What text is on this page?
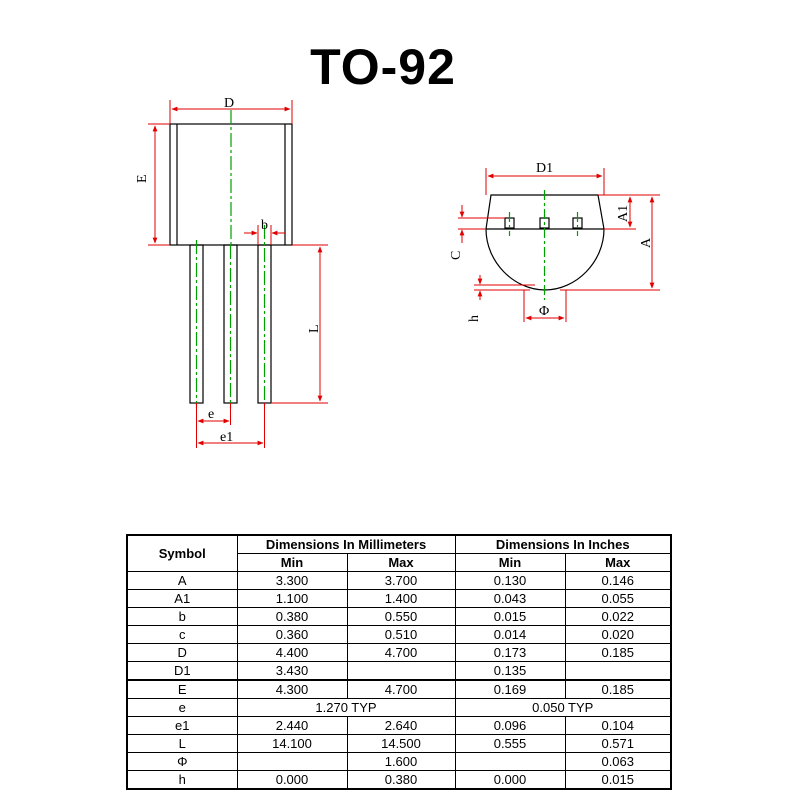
TO-92
D
E
b
L
e
e1
D1
A1
A
C
h	Φ
Symbol	Dimensions In Millimeters		Dimensions In Inches	
	Min	Max	Min	Max
A	3.300	3.700	0.130	0.146
A1	1.100	1.400	0.043	0.055
b	0.380	0.550	0.015	0.022
c	0.360	0.510	0.014	0.020
D	4.400	4.700	0.173	0.185
D1	3.430		0.135	
E	4.300	4.700	0.169	0.185
e	1.270 TYP		0.050 TYP	
e1	2.440	2.640	0.096	0.104
L	14.100	14.500	0.555	0.571
Φ		1.600		0.063
h	0.000	0.380	0.000	0.015
